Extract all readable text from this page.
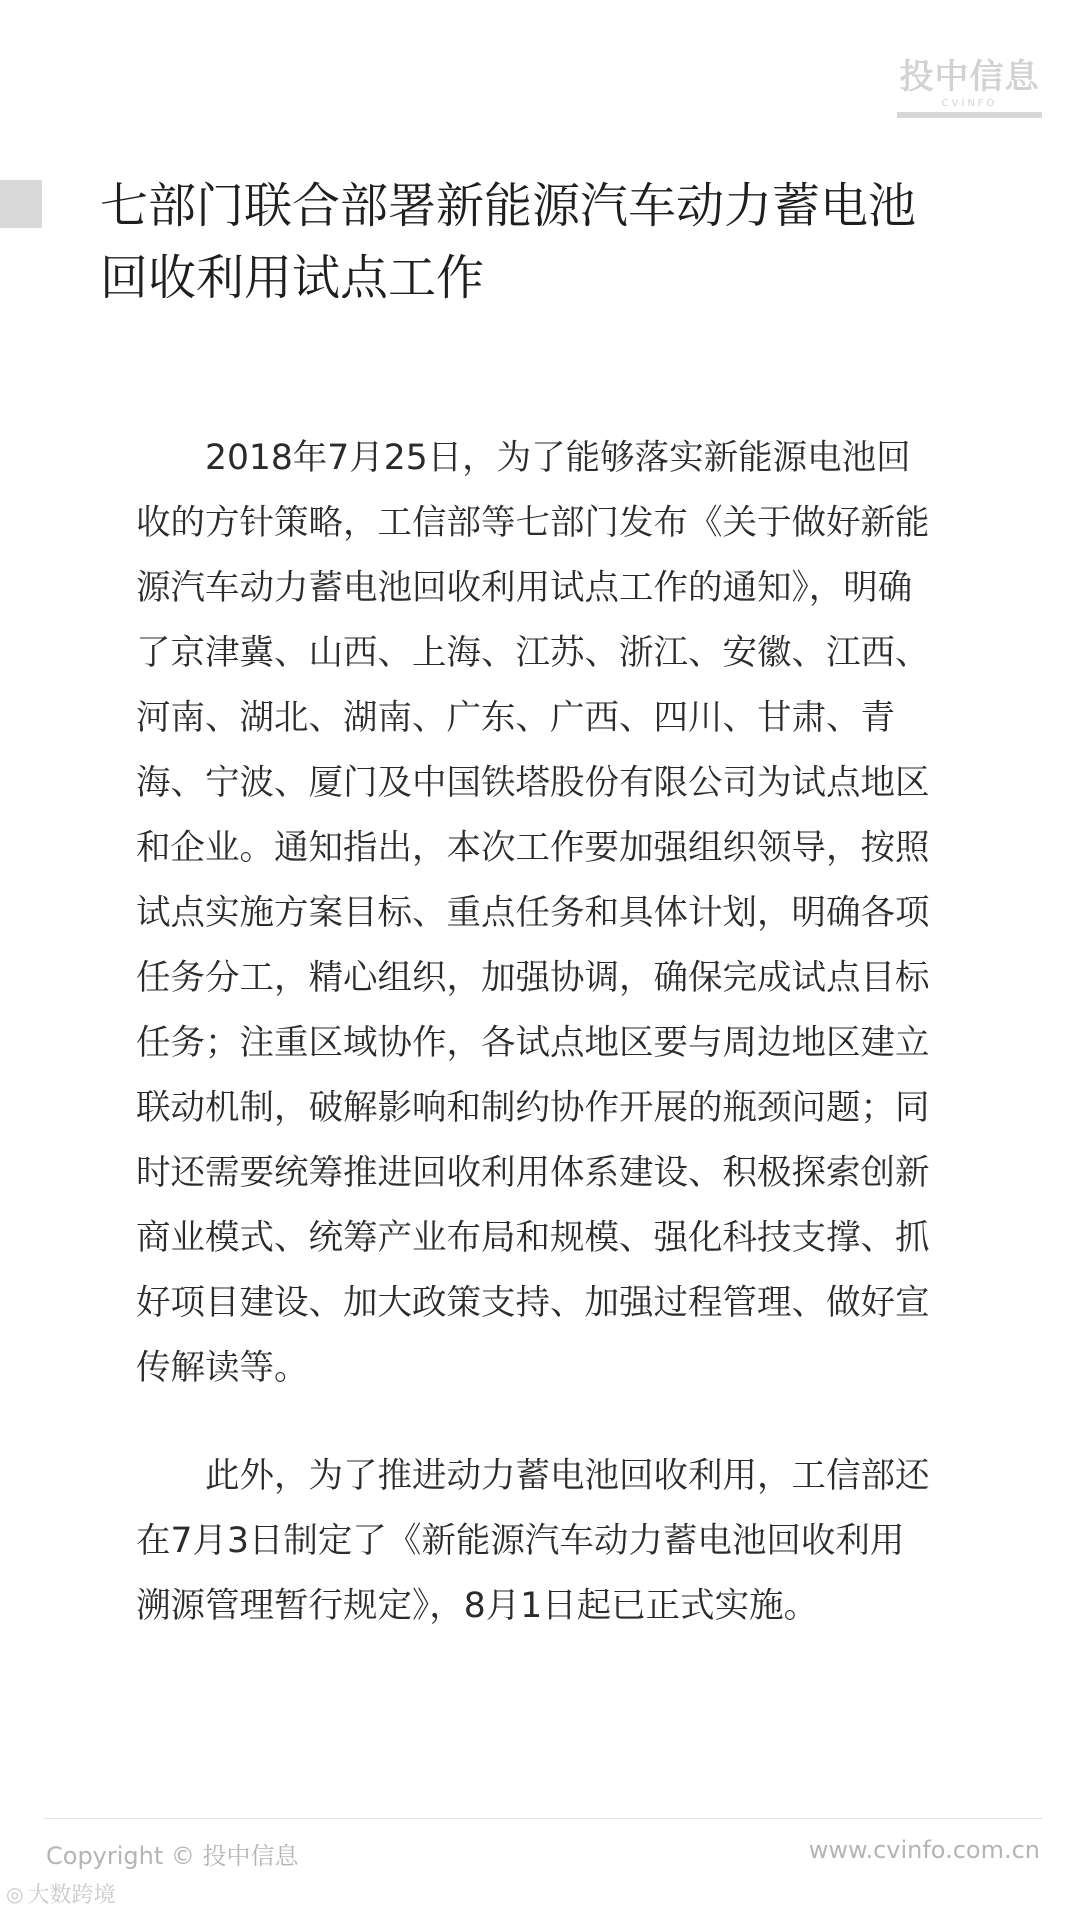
投中信息
CVINFO
七部门联合部署新能源汽车动力蓄电池回收利用试点工作

2018年7月25日，为了能够落实新能源电池回收的方针策略，工信部等七部门发布《关于做好新能源汽车动力蓄电池回收利用试点工作的通知》，明确了京津冀、山西、上海、江苏、浙江、安徽、江西、河南、湖北、湖南、广东、广西、四川、甘肃、青海、宁波、厦门及中国铁塔股份有限公司为试点地区和企业。通知指出，本次工作要加强组织领导，按照试点实施方案目标、重点任务和具体计划，明确各项任务分工，精心组织，加强协调，确保完成试点目标任务；注重区域协作，各试点地区要与周边地区建立联动机制，破解影响和制约协作开展的瓶颈问题；同时还需要统筹推进回收利用体系建设、积极探索创新商业模式、统筹产业布局和规模、强化科技支撑、抓好项目建设、加大政策支持、加强过程管理、做好宣传解读等。

此外，为了推进动力蓄电池回收利用，工信部还在7月3日制定了《新能源汽车动力蓄电池回收利用溯源管理暂行规定》，8月1日起已正式实施。

Copyright © 投中信息	www.cvinfo.com.cn
◎ 大数跨境
